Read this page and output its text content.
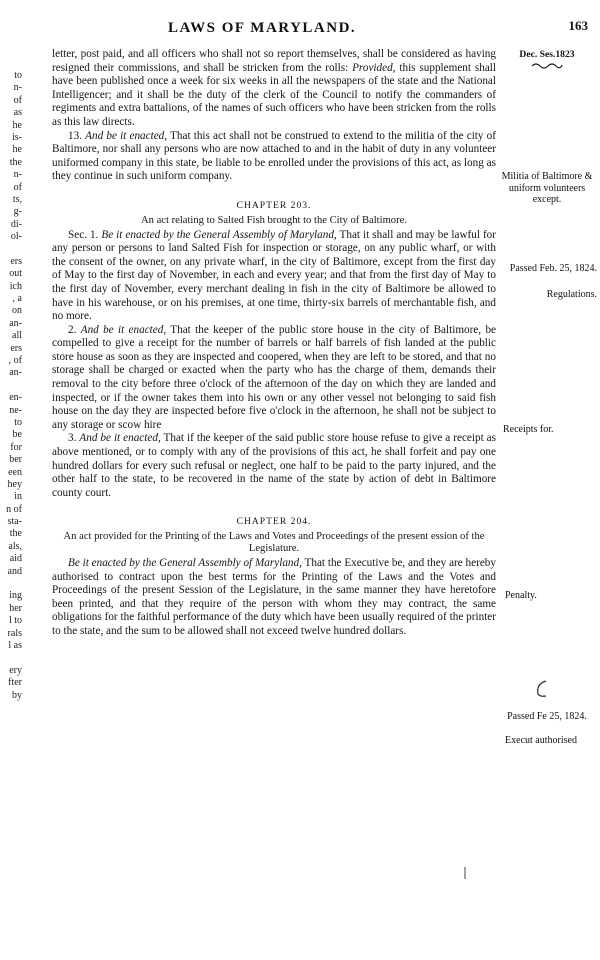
to
n-
of
as
he
is-
he
the
n-
of
ts,
g-
di-
ol-
ers
out
ich
, a
on
an-
all
ers
, of
an-
en-
ne-
to
be
for
ber
een
hey
in
n of
sta-
the
als,
aid
and
ing
her
l to
rals
l as
ery
fter
by
LAWS OF MARYLAND.	163

letter, post paid, and all officers who shall not so report themselves, shall be considered as having resigned their commissions, and shall be stricken from the rolls: Provided, this supplement shall have been published once a week for six weeks in all the newspapers of the state and the National Intelligencer; and it shall be the duty of the clerk of the Council to notify the commanders of regiments and extra battalions, of the names of such officers who have been stricken from the rolls as this law directs.

13. And be it enacted, That this act shall not be construed to extend to the militia of the city of Baltimore, nor shall any persons who are now attached to and in the habit of duty in any volunteer uniformed company in this state, be liable to be enrolled under the provisions of this act, as long as they continue in such uniform company.

CHAPTER 203.
An act relating to Salted Fish brought to the City of Baltimore.

Sec. 1. Be it enacted by the General Assembly of Maryland, That it shall and may be lawful for any person or persons to land Salted Fish for inspection or storage, on any public wharf, or with the consent of the owner, on any private wharf, in the city of Baltimore, except from the first day of May to the first day of November, in each and every year; and that from the first day of May to the first day of November, every merchant dealing in fish in the city of Baltimore be allowed to have in his warehouse, or on his premises, at one time, thirty-six barrels of merchantable fish, and no more.

2. And be it enacted, That the keeper of the public store house in the city of Baltimore, be compelled to give a receipt for the number of barrels or half barrels of fish landed at the public store house as soon as they are inspected and coopered, when they are left to be stored, and that no storage shall be charged or exacted when the party who has the charge of them, demands their removal to the city before three o'clock of the afternoon of the day on which they are landed and inspected, or if the owner takes them into his own or any other vessel not belonging to said fish house on the day they are inspected before five o'clock in the afternoon, he shall not be subject to any storage or scow hire

3. And be it enacted, That if the keeper of the said public store house refuse to give a receipt as above mentioned, or to comply with any of the provisions of this act, he shall forfeit and pay one hundred dollars for every such refusal or neglect, one half to be paid to the party injured, and the other half to the state, to be recovered in the name of the state by action of debt in Baltimore county court.

CHAPTER 204.
An act provided for the Printing of the Laws and Votes and Proceedings of the present ession of the Legislature.

Be it enacted by the General Assembly of Maryland, That the Executive be, and they are hereby authorised to contract upon the best terms for the Printing of the Laws and the Votes and Proceedings of the present Session of the Legislature, in the same manner they have heretofore been printed, and that they require of the person with whom they may contract, the same obligations for the faithful performance of the duty which have been usually required of the printer to the state, and the sum to be allowed shall not exceed twelve hundred dollars.

Dec. Ses.1823
Militia of Baltimore & uniform volunteers except.
Passed Feb. 25, 1824.
Regulations.
Receipts for.
Penalty.
Passed Fe 25, 1824.
Execut authorised
